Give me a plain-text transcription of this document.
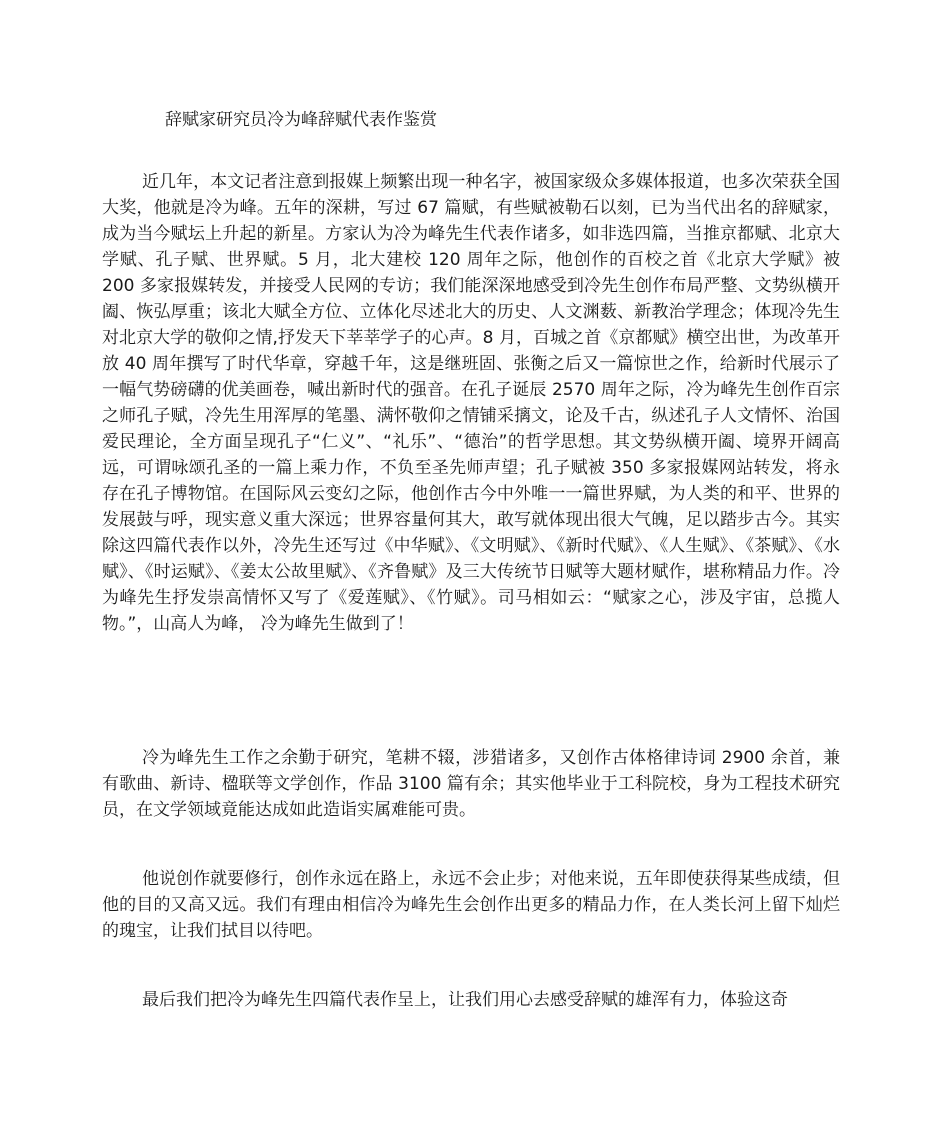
辞赋家研究员冷为峰辞赋代表作鉴赏

近几年，本文记者注意到报媒上频繁出现一种名字，被国家级众多媒体报道，也多次荣获全国大奖，他就是冷为峰。五年的深耕，写过 67 篇赋，有些赋被勒石以刻，已为当代出名的辞赋家，成为当今赋坛上升起的新星。方家认为冷为峰先生代表作诸多，如非选四篇，当推京都赋、北京大学赋、孔子赋、世界赋。5 月，北大建校 120 周年之际，他创作的百校之首《北京大学赋》被 200 多家报媒转发，并接受人民网的专访；我们能深深地感受到冷先生创作布局严整、文势纵横开阖、恢弘厚重；该北大赋全方位、立体化尽述北大的历史、人文渊薮、新教治学理念；体现冷先生对北京大学的敬仰之情,抒发天下莘莘学子的心声。8 月，百城之首《京都赋》横空出世，为改革开放 40 周年撰写了时代华章，穿越千年，这是继班固、张衡之后又一篇惊世之作，给新时代展示了一幅气势磅礴的优美画卷，喊出新时代的强音。在孔子诞辰 2570 周年之际，冷为峰先生创作百宗之师孔子赋，冷先生用浑厚的笔墨、满怀敬仰之情铺采摛文，论及千古，纵述孔子人文情怀、治国爱民理论，全方面呈现孔子“仁义”、“礼乐”、“德治”的哲学思想。其文势纵横开阖、境界开阔高远，可谓咏颂孔圣的一篇上乘力作，不负至圣先师声望；孔子赋被 350 多家报媒网站转发，将永存在孔子博物馆。在国际风云变幻之际，他创作古今中外唯一一篇世界赋，为人类的和平、世界的发展鼓与呼，现实意义重大深远；世界容量何其大，敢写就体现出很大气魄，足以踏步古今。其实除这四篇代表作以外，冷先生还写过《中华赋》、《文明赋》、《新时代赋》、《人生赋》、《茶赋》、《水赋》、《时运赋》、《姜太公故里赋》、《齐鲁赋》及三大传统节日赋等大题材赋作，堪称精品力作。冷为峰先生抒发崇高情怀又写了《爱莲赋》、《竹赋》。司马相如云：“赋家之心，涉及宇宙，总揽人物。”，山高人为峰， 冷为峰先生做到了！

冷为峰先生工作之余勤于研究，笔耕不辍，涉猎诸多，又创作古体格律诗词 2900 余首，兼有歌曲、新诗、楹联等文学创作，作品 3100 篇有余；其实他毕业于工科院校，身为工程技术研究员，在文学领域竟能达成如此造诣实属难能可贵。

他说创作就要修行，创作永远在路上，永远不会止步；对他来说，五年即使获得某些成绩，但他的目的又高又远。我们有理由相信冷为峰先生会创作出更多的精品力作，在人类长河上留下灿烂的瑰宝，让我们拭目以待吧。

最后我们把冷为峰先生四篇代表作呈上，让我们用心去感受辞赋的雄浑有力，体验这奇
